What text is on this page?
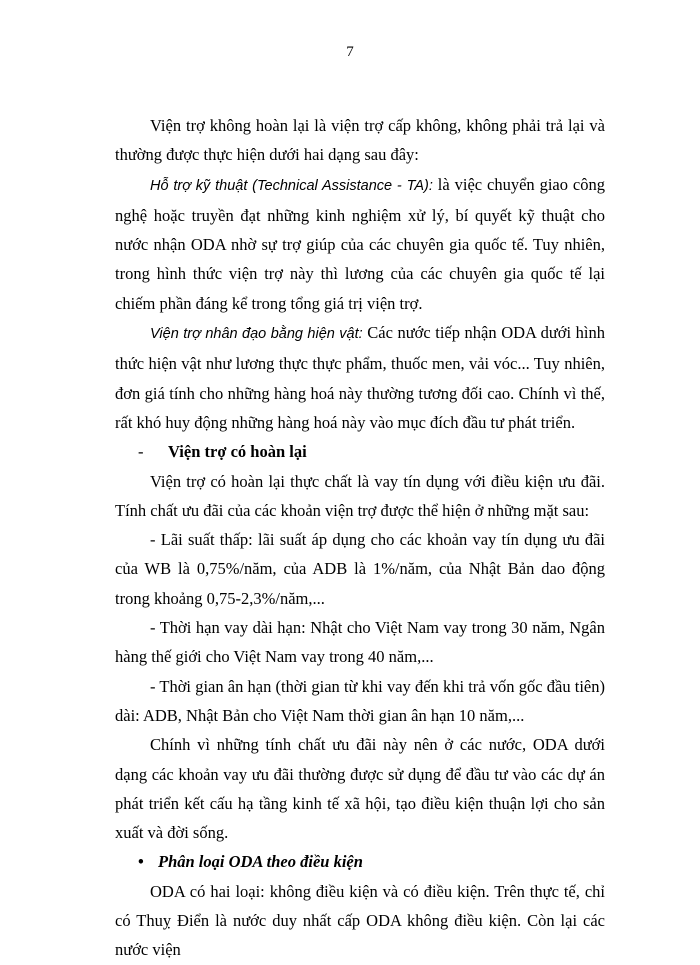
7

Viện trợ không hoàn lại là viện trợ cấp không, không phải trả lại và thường được thực hiện dưới hai dạng sau đây:

Hỗ trợ kỹ thuật (Technical Assistance - TA): là việc chuyển giao công nghệ hoặc truyền đạt những kinh nghiệm xử lý, bí quyết kỹ thuật cho nước nhận ODA nhờ sự trợ giúp của các chuyên gia quốc tế. Tuy nhiên, trong hình thức viện trợ này thì lương của các chuyên gia quốc tế lại chiếm phần đáng kể trong tổng giá trị viện trợ.

Viện trợ nhân đạo bằng hiện vật: Các nước tiếp nhận ODA dưới hình thức hiện vật như lương thực thực phẩm, thuốc men, vải vóc... Tuy nhiên, đơn giá tính cho những hàng hoá này thường tương đối cao. Chính vì thế, rất khó huy động những hàng hoá này vào mục đích đầu tư phát triển.

- Viện trợ có hoàn lại

Viện trợ có hoàn lại thực chất là vay tín dụng với điều kiện ưu đãi. Tính chất ưu đãi của các khoản viện trợ được thể hiện ở những mặt sau:

- Lãi suất thấp: lãi suất áp dụng cho các khoản vay tín dụng ưu đãi của WB là 0,75%/năm, của ADB là 1%/năm, của Nhật Bản dao động trong khoảng 0,75-2,3%/năm,...

- Thời hạn vay dài hạn: Nhật cho Việt Nam vay trong 30 năm, Ngân hàng thế giới cho Việt Nam vay trong 40 năm,...

- Thời gian ân hạn (thời gian từ khi vay đến khi trả vốn gốc đầu tiên) dài: ADB, Nhật Bản cho Việt Nam thời gian ân hạn 10 năm,...

Chính vì những tính chất ưu đãi này nên ở các nước, ODA dưới dạng các khoản vay ưu đãi thường được sử dụng để đầu tư vào các dự án phát triển kết cấu hạ tầng kinh tế xã hội, tạo điều kiện thuận lợi cho sản xuất và đời sống.

• Phân loại ODA theo điều kiện

ODA có hai loại: không điều kiện và có điều kiện. Trên thực tế, chỉ có Thuỵ Điển là nước duy nhất cấp ODA không điều kiện. Còn lại các nước viện
